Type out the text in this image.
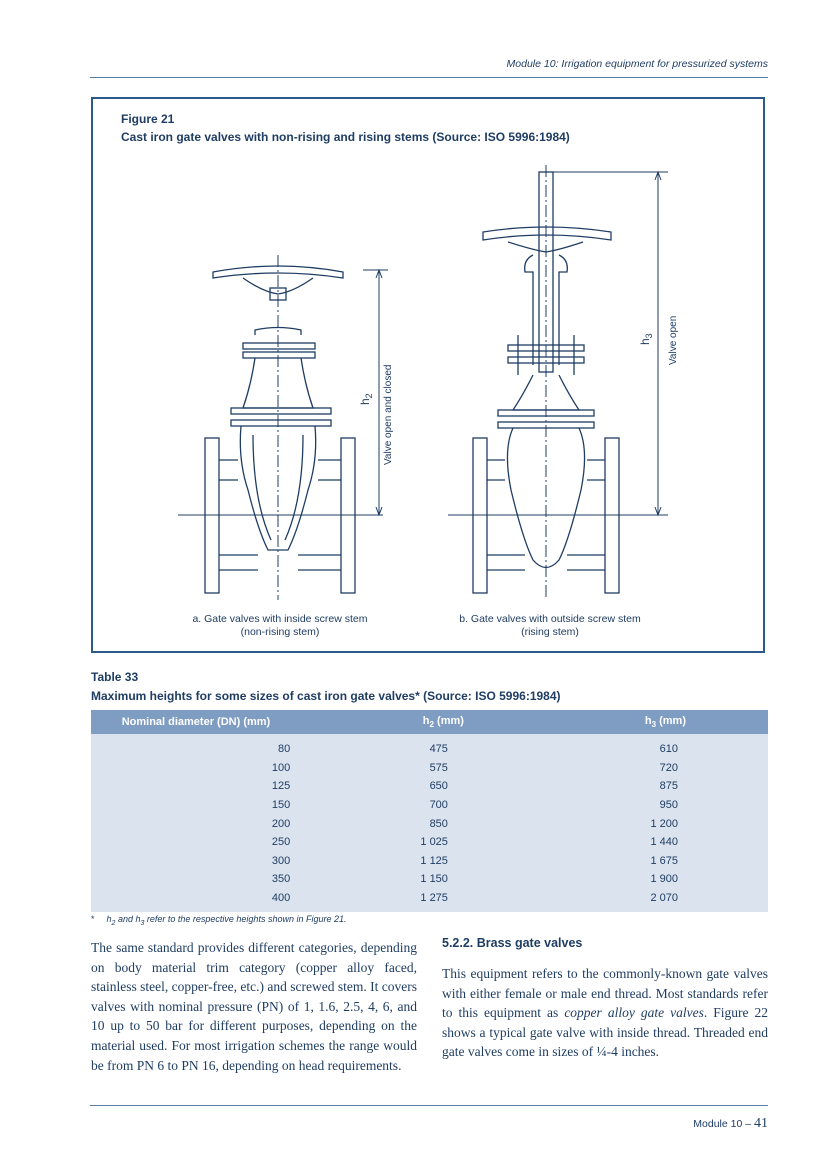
Module 10: Irrigation equipment for pressurized systems
Figure 21
Cast iron gate valves with non-rising and rising stems (Source: ISO 5996:1984)
$h_2$ Valve open and closed
$h_3$ Valve open
a. Gate valves with inside screw stem
(non-rising stem)
b. Gate valves with outside screw stem
(rising stem)
Table 33
Maximum heights for some sizes of cast iron gate valves* (Source: ISO 5996:1984)
Nominal diameter (DN) (mm)	$h_2$ (mm)	$h_3$ (mm)
80	475	610
100	575	720
125	650	875
150	700	950
200	850	1 200
250	1 025	1 440
300	1 125	1 675
350	1 150	1 900
400	1 275	2 070
* $h_2$ and $h_3$ refer to the respective heights shown in Figure 21.
The same standard provides different categories, depending on body material trim category (copper alloy faced, stainless steel, copper-free, etc.) and screwed stem. It covers valves with nominal pressure (PN) of 1, 1.6, 2.5, 4, 6, and 10 up to 50 bar for different purposes, depending on the material used. For most irrigation schemes the range would be from PN 6 to PN 16, depending on head requirements.
5.2.2. Brass gate valves
This equipment refers to the commonly-known gate valves with either female or male end thread. Most standards refer to this equipment as copper alloy gate valves. Figure 22 shows a typical gate valve with inside thread. Threaded end gate valves come in sizes of ¼-4 inches.
Module 10 – 41
